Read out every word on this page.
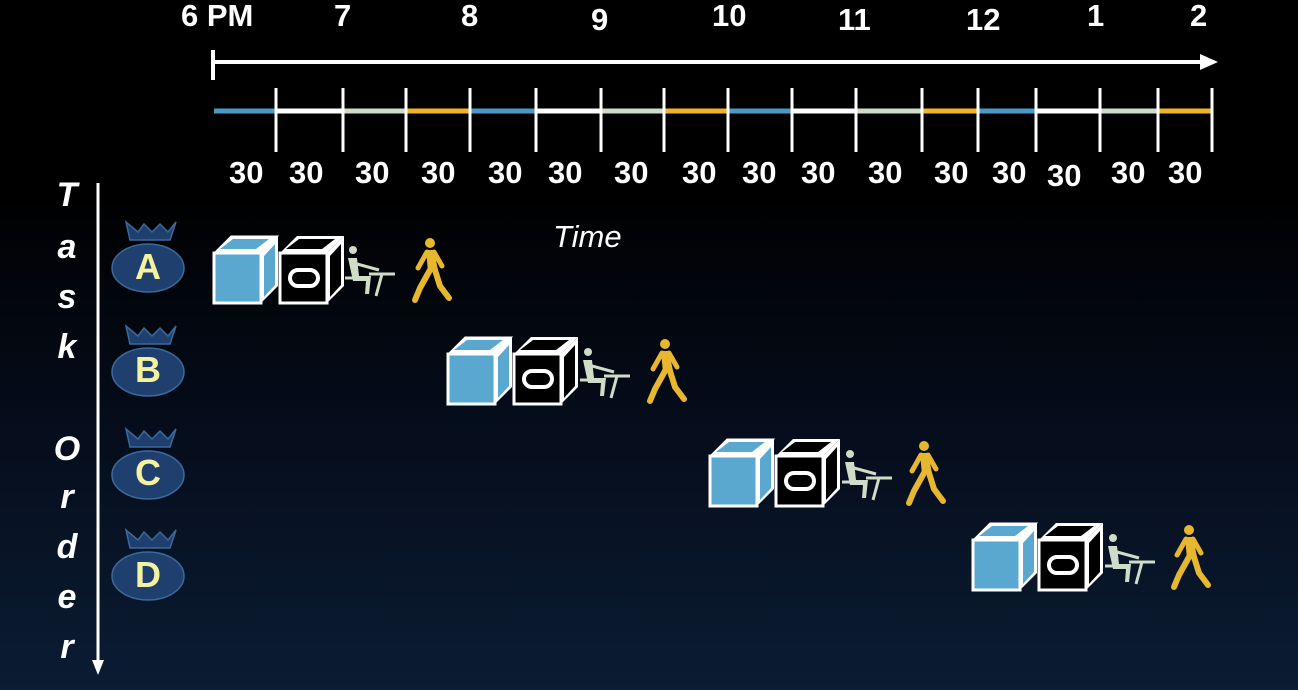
6 PM	7	8	9	10	11	12	1	2
30 30 30 30 30 30 30 30 30 30 30 30 30 30 30 30
Time
T
a
s
k
O
r
d
e
r
A
B
C
D
